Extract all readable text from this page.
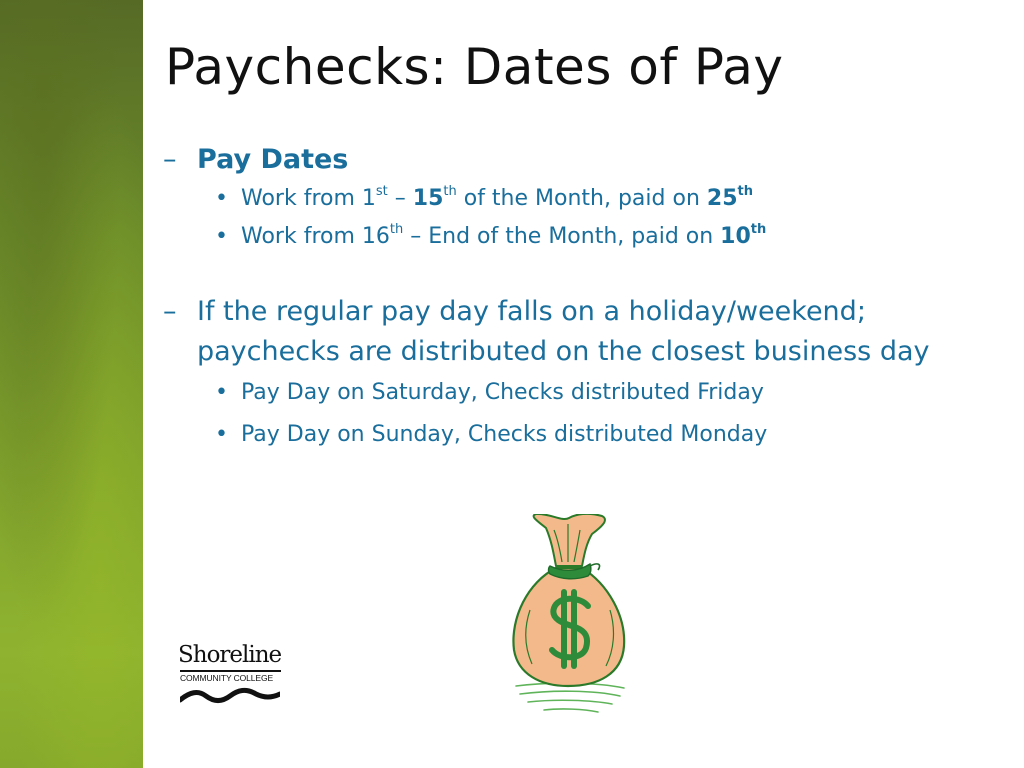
Paychecks: Dates of Pay
– Pay Dates
• Work from 1st – 15th of the Month, paid on 25th
• Work from 16th – End of the Month, paid on 10th
– If the regular pay day falls on a holiday/weekend; paychecks are distributed on the closest business day
• Pay Day on Saturday, Checks distributed Friday
• Pay Day on Sunday, Checks distributed Monday
Shoreline
COMMUNITY COLLEGE
